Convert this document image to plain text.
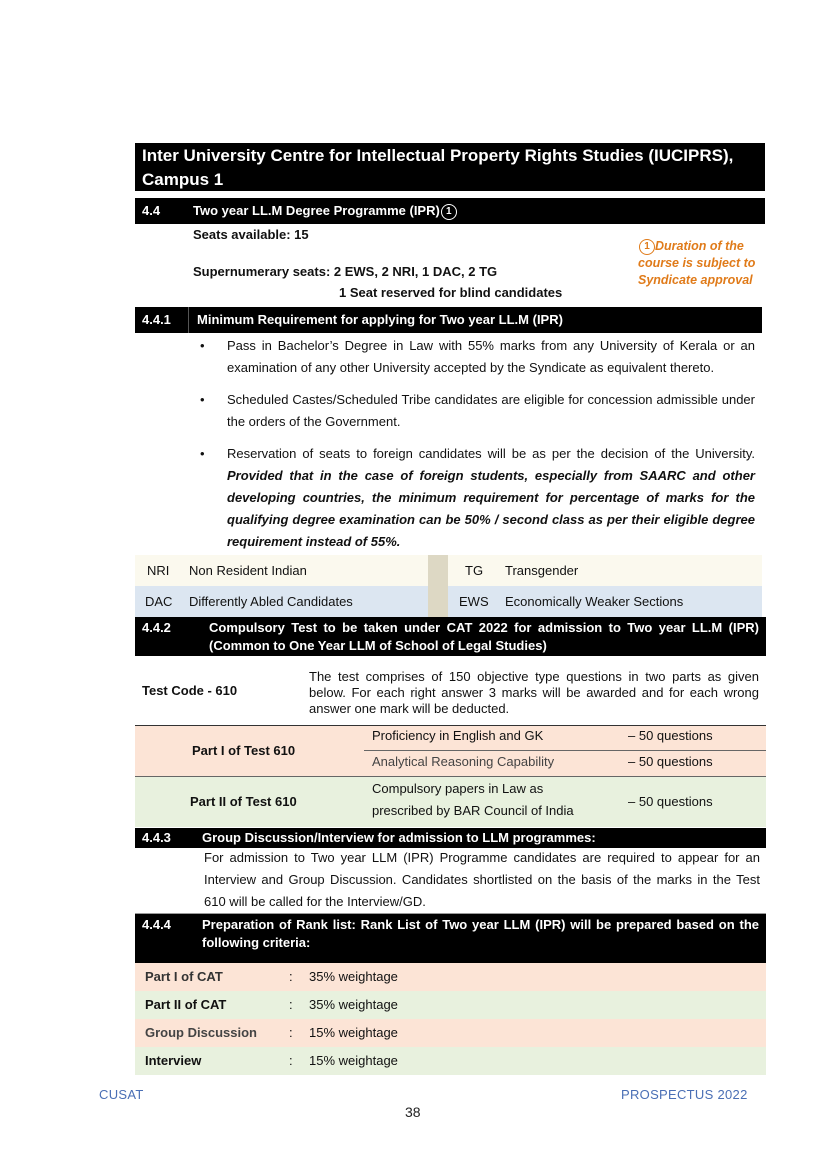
Inter University Centre for Intellectual Property Rights Studies (IUCIPRS),
Campus 1
4.4	Two year LL.M Degree Programme (IPR) 1
Seats available: 15
Supernumerary seats: 2 EWS, 2 NRI, 1 DAC, 2 TG
1 Seat reserved for blind candidates
1 Duration of the
course is subject to
Syndicate approval
4.4.1 Minimum Requirement for applying for Two year LL.M (IPR)
•	Pass in Bachelor’s Degree in Law with 55% marks from any University of Kerala or an examination of any other University accepted by the Syndicate as equivalent thereto.
•	Scheduled Castes/Scheduled Tribe candidates are eligible for concession admissible under the orders of the Government.
•	Reservation of seats to foreign candidates will be as per the decision of the University. Provided that in the case of foreign students, especially from SAARC and other developing countries, the minimum requirement for percentage of marks for the qualifying degree examination can be 50% / second class as per their eligible degree requirement instead of 55%.
NRI Non Resident Indian	TG Transgender
DAC Differently Abled Candidates	EWS Economically Weaker Sections
4.4.2	Compulsory Test to be taken under CAT 2022 for admission to Two year LL.M (IPR)
(Common to One Year LLM of School of Legal Studies)
Test Code - 610
The test comprises of 150 objective type questions in two parts as given below. For each right answer 3 marks will be awarded and for each wrong answer one mark will be deducted.
Part I of Test 610
Proficiency in English and GK	– 50 questions
Analytical Reasoning Capability	– 50 questions
Part II of Test 610
Compulsory papers in Law as
prescribed by BAR Council of India
– 50 questions
4.4.3 Group Discussion/Interview for admission to LLM programmes:
For admission to Two year LLM (IPR) Programme candidates are required to appear for an Interview and Group Discussion. Candidates shortlisted on the basis of the marks in the Test 610 will be called for the Interview/GD.
4.4.4 Preparation of Rank list: Rank List of Two year LLM (IPR) will be prepared based on the
following criteria:
Part I of CAT	: 35% weightage
Part II of CAT	: 35% weightage
Group Discussion : 15% weightage
Interview	: 15% weightage
CUSAT	PROSPECTUS 2022
38
